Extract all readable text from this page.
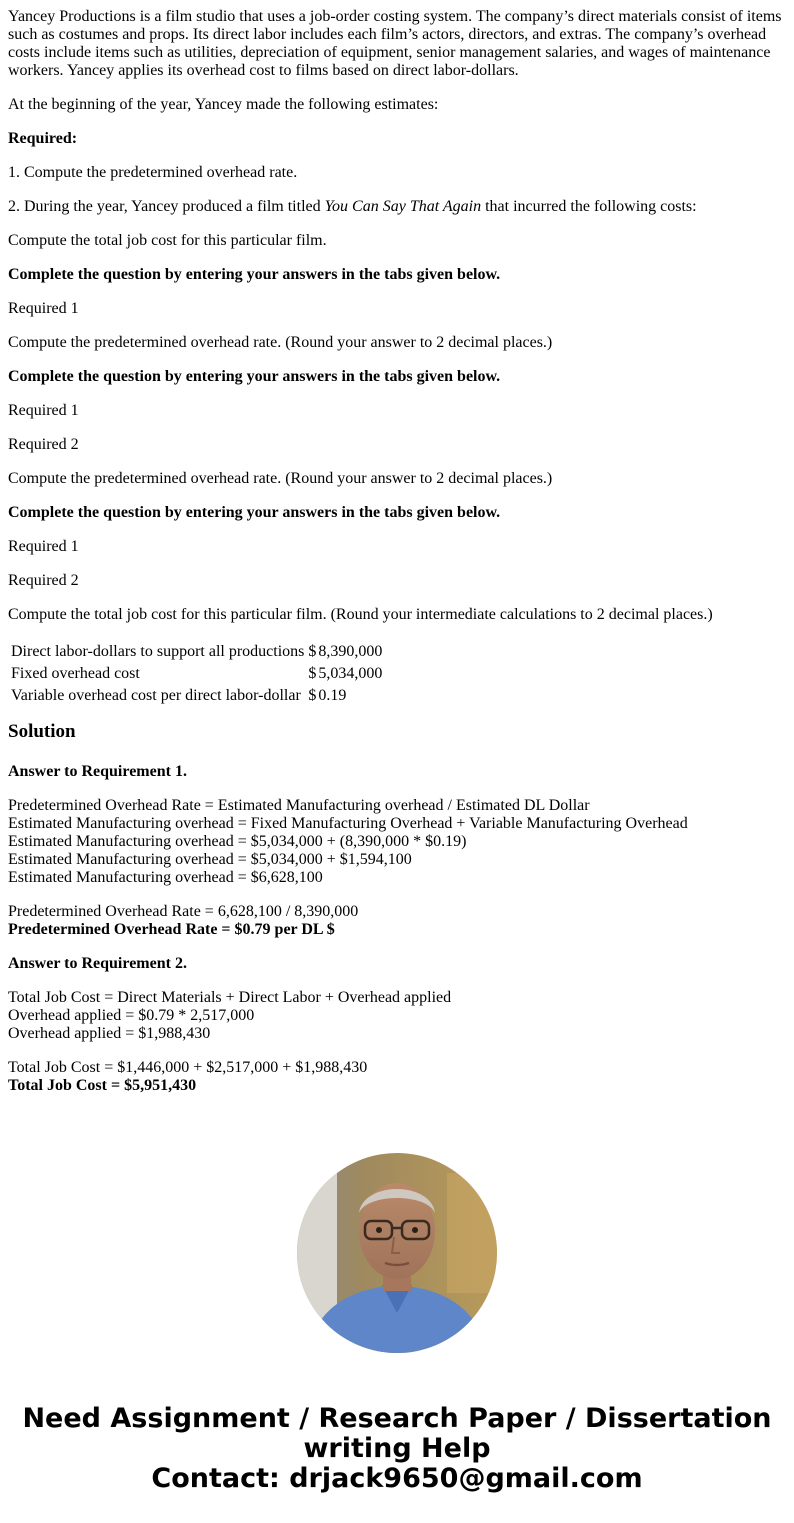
Yancey Productions is a film studio that uses a job-order costing system. The company’s direct materials consist of items such as costumes and props. Its direct labor includes each film’s actors, directors, and extras. The company’s overhead costs include items such as utilities, depreciation of equipment, senior management salaries, and wages of maintenance workers. Yancey applies its overhead cost to films based on direct labor-dollars.

At the beginning of the year, Yancey made the following estimates:

Required:

1. Compute the predetermined overhead rate.

2. During the year, Yancey produced a film titled You Can Say That Again that incurred the following costs:

Compute the total job cost for this particular film.

Complete the question by entering your answers in the tabs given below.

Required 1

Compute the predetermined overhead rate. (Round your answer to 2 decimal places.)

Complete the question by entering your answers in the tabs given below.

Required 1

Required 2

Compute the predetermined overhead rate. (Round your answer to 2 decimal places.)

Complete the question by entering your answers in the tabs given below.

Required 1

Required 2

Compute the total job cost for this particular film. (Round your intermediate calculations to 2 decimal places.)

Direct labor-dollars to support all productions	$	8,390,000
Fixed overhead cost	$	5,034,000
Variable overhead cost per direct labor-dollar	$	0.19
Solution

Answer to Requirement 1.

Predetermined Overhead Rate = Estimated Manufacturing overhead / Estimated DL Dollar
Estimated Manufacturing overhead = Fixed Manufacturing Overhead + Variable Manufacturing Overhead
Estimated Manufacturing overhead = $5,034,000 + (8,390,000 * $0.19)
Estimated Manufacturing overhead = $5,034,000 + $1,594,100
Estimated Manufacturing overhead = $6,628,100
Predetermined Overhead Rate = 6,628,100 / 8,390,000
Predetermined Overhead Rate = $0.79 per DL $

Answer to Requirement 2.

Total Job Cost = Direct Materials + Direct Labor + Overhead applied
Overhead applied = $0.79 * 2,517,000
Overhead applied = $1,988,430
Total Job Cost = $1,446,000 + $2,517,000 + $1,988,430
Total Job Cost = $5,951,430
Need Assignment / Research Paper / Dissertation
writing Help
Contact: drjack9650@gmail.com
